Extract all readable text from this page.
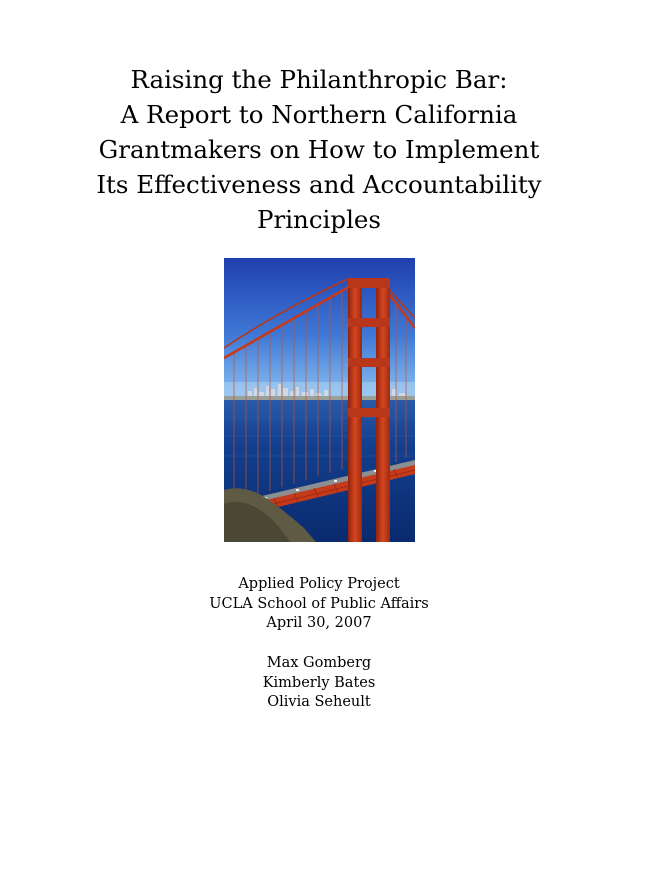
Raising the Philanthropic Bar:
A Report to Northern California
Grantmakers on How to Implement
Its Effectiveness and Accountability
Principles
Applied Policy Project
UCLA School of Public Affairs
April 30, 2007
Max Gomberg
Kimberly Bates
Olivia Seheult
